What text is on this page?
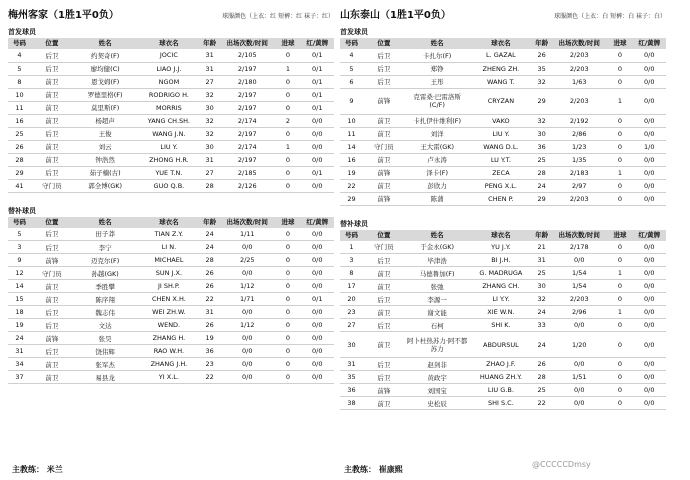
梅州客家（1胜1平0负）	球服颜色（上衣：红 短裤：红 袜子：红）
首发球员
号码	位置	姓名	球衣名	年龄	出场次数/时间	进球	红/黄牌
4	后卫	约契奇(F)	JOCIC	31	2/105	0	0/1
5	后卫	廖均健(C)	LIAO J.J.	31	2/197	1	0/1
8	前卫	恩戈姆(F)	NGOM	27	2/180	0	0/1
10	前卫	罗德里格(F)	RODRIGO H.	32	2/197	0	0/1
11	前卫	莫里斯(F)	MORRIS	30	2/197	0	0/1
16	前卫	杨超声	YANG CH.SH.	32	2/174	2	0/0
25	后卫	王俊	WANG J.N.	32	2/197	0	0/0
26	前卫	刘云	LIU Y.	30	2/174	1	0/0
28	前卫	钟浩然	ZHONG H.R.	31	2/197	0	0/0
29	后卫	茹子楠(古)	YUE T.N.	27	2/185	0	0/1
41	守门员	郭全博(GK)	GUO Q.B.	28	2/126	0	0/0
替补球员
号码	位置	姓名	球衣名	年龄	出场次数/时间	进球	红/黄牌
5	后卫	田子莽	TIAN Z.Y.	24	1/11	0	0/0
3	后卫	李宁	LI N.	24	0/0	0	0/0
9	前锋	迈克尔(F)	MICHAEL	28	2/25	0	0/0
12	守门员	孙越(GK)	SUN J.X.	26	0/0	0	0/0
14	前卫	季胜攀	JI SH.P.	26	1/12	0	0/0
15	前卫	陈序翔	CHEN X.H.	22	1/71	0	0/1
18	后卫	魏志伟	WEI ZH.W.	31	0/0	0	0/0
19	后卫	文达	WEND.	26	1/12	0	0/0
24	前锋	张昊	ZHANG H.	19	0/0	0	0/0
31	后卫	饶伟辉	RAO W.H.	36	0/0	0	0/0
34	前卫	张军杰	ZHANG J.H.	23	0/0	0	0/0
37	前卫	易县龙	YI X.L.	22	0/0	0	0/0
山东泰山（1胜1平0负）	球服颜色（上衣：白 短裤：白 袜子：白）
首发球员
号码	位置	姓名	球衣名	年龄	出场次数/时间	进球	红/黄牌
4	后卫	卡扎尔(F)	L. GAZAL	26	2/203	0	0/0
5	后卫	郑铮	ZHENG ZH.	35	2/203	0	0/0
6	后卫	王彤	WANG T.	32	1/63	0	0/0
9	前锋	克雷桑·巴雷洛斯(C/F)	CRYZAN	29	2/203	1	0/0
10	前卫	卡扎伊什维利(F)	VAKO	32	2/192	0	0/0
11	前卫	刘洋	LIU Y.	30	2/86	0	0/0
14	守门员	王大雷(GK)	WANG D.L.	36	1/23	0	1/0
16	前卫	卢永涛	LU Y.T.	25	1/35	0	0/0
19	前锋	泽卡(F)	ZECA	28	2/183	1	0/0
22	前卫	彭欣力	PENG X.L.	24	2/97	0	0/0
29	前锋	陈蒲	CHEN P.	29	2/203	0	0/0
替补球员
号码	位置	姓名	球衣名	年龄	出场次数/时间	进球	红/黄牌
1	守门员	于金永(GK)	YU J.Y.	21	2/178	0	0/0
3	后卫	毕津浩	BI J.H.	31	0/0	0	0/0
8	前卫	马德鲁加(F)	G. MADRUGA	25	1/54	1	0/0
17	前卫	张弛	ZHANG CH.	30	1/54	0	0/0
20	后卫	李源一	LI Y.Y.	32	2/203	0	0/0
23	前卫	谢文能	XIE W.N.	24	2/96	1	0/0
27	后卫	石柯	SHI K.	33	0/0	0	0/0
30	前卫	阿卜杜热苏力·阿不都苏力	ABDURSUL	24	1/20	0	0/0
31	后卫	赵剑非	ZHAO J.F.	26	0/0	0	0/0
35	后卫	黄政宇	HUANG ZH.Y.	28	1/51	0	0/0
36	前锋	刘国宝	LIU G.B.	25	0/0	0	0/0
38	前卫	史松辰	SHI S.C.	22	0/0	0	0/0
主教练： 米兰	主教练： 崔康熙
@CCCCCDmsy
